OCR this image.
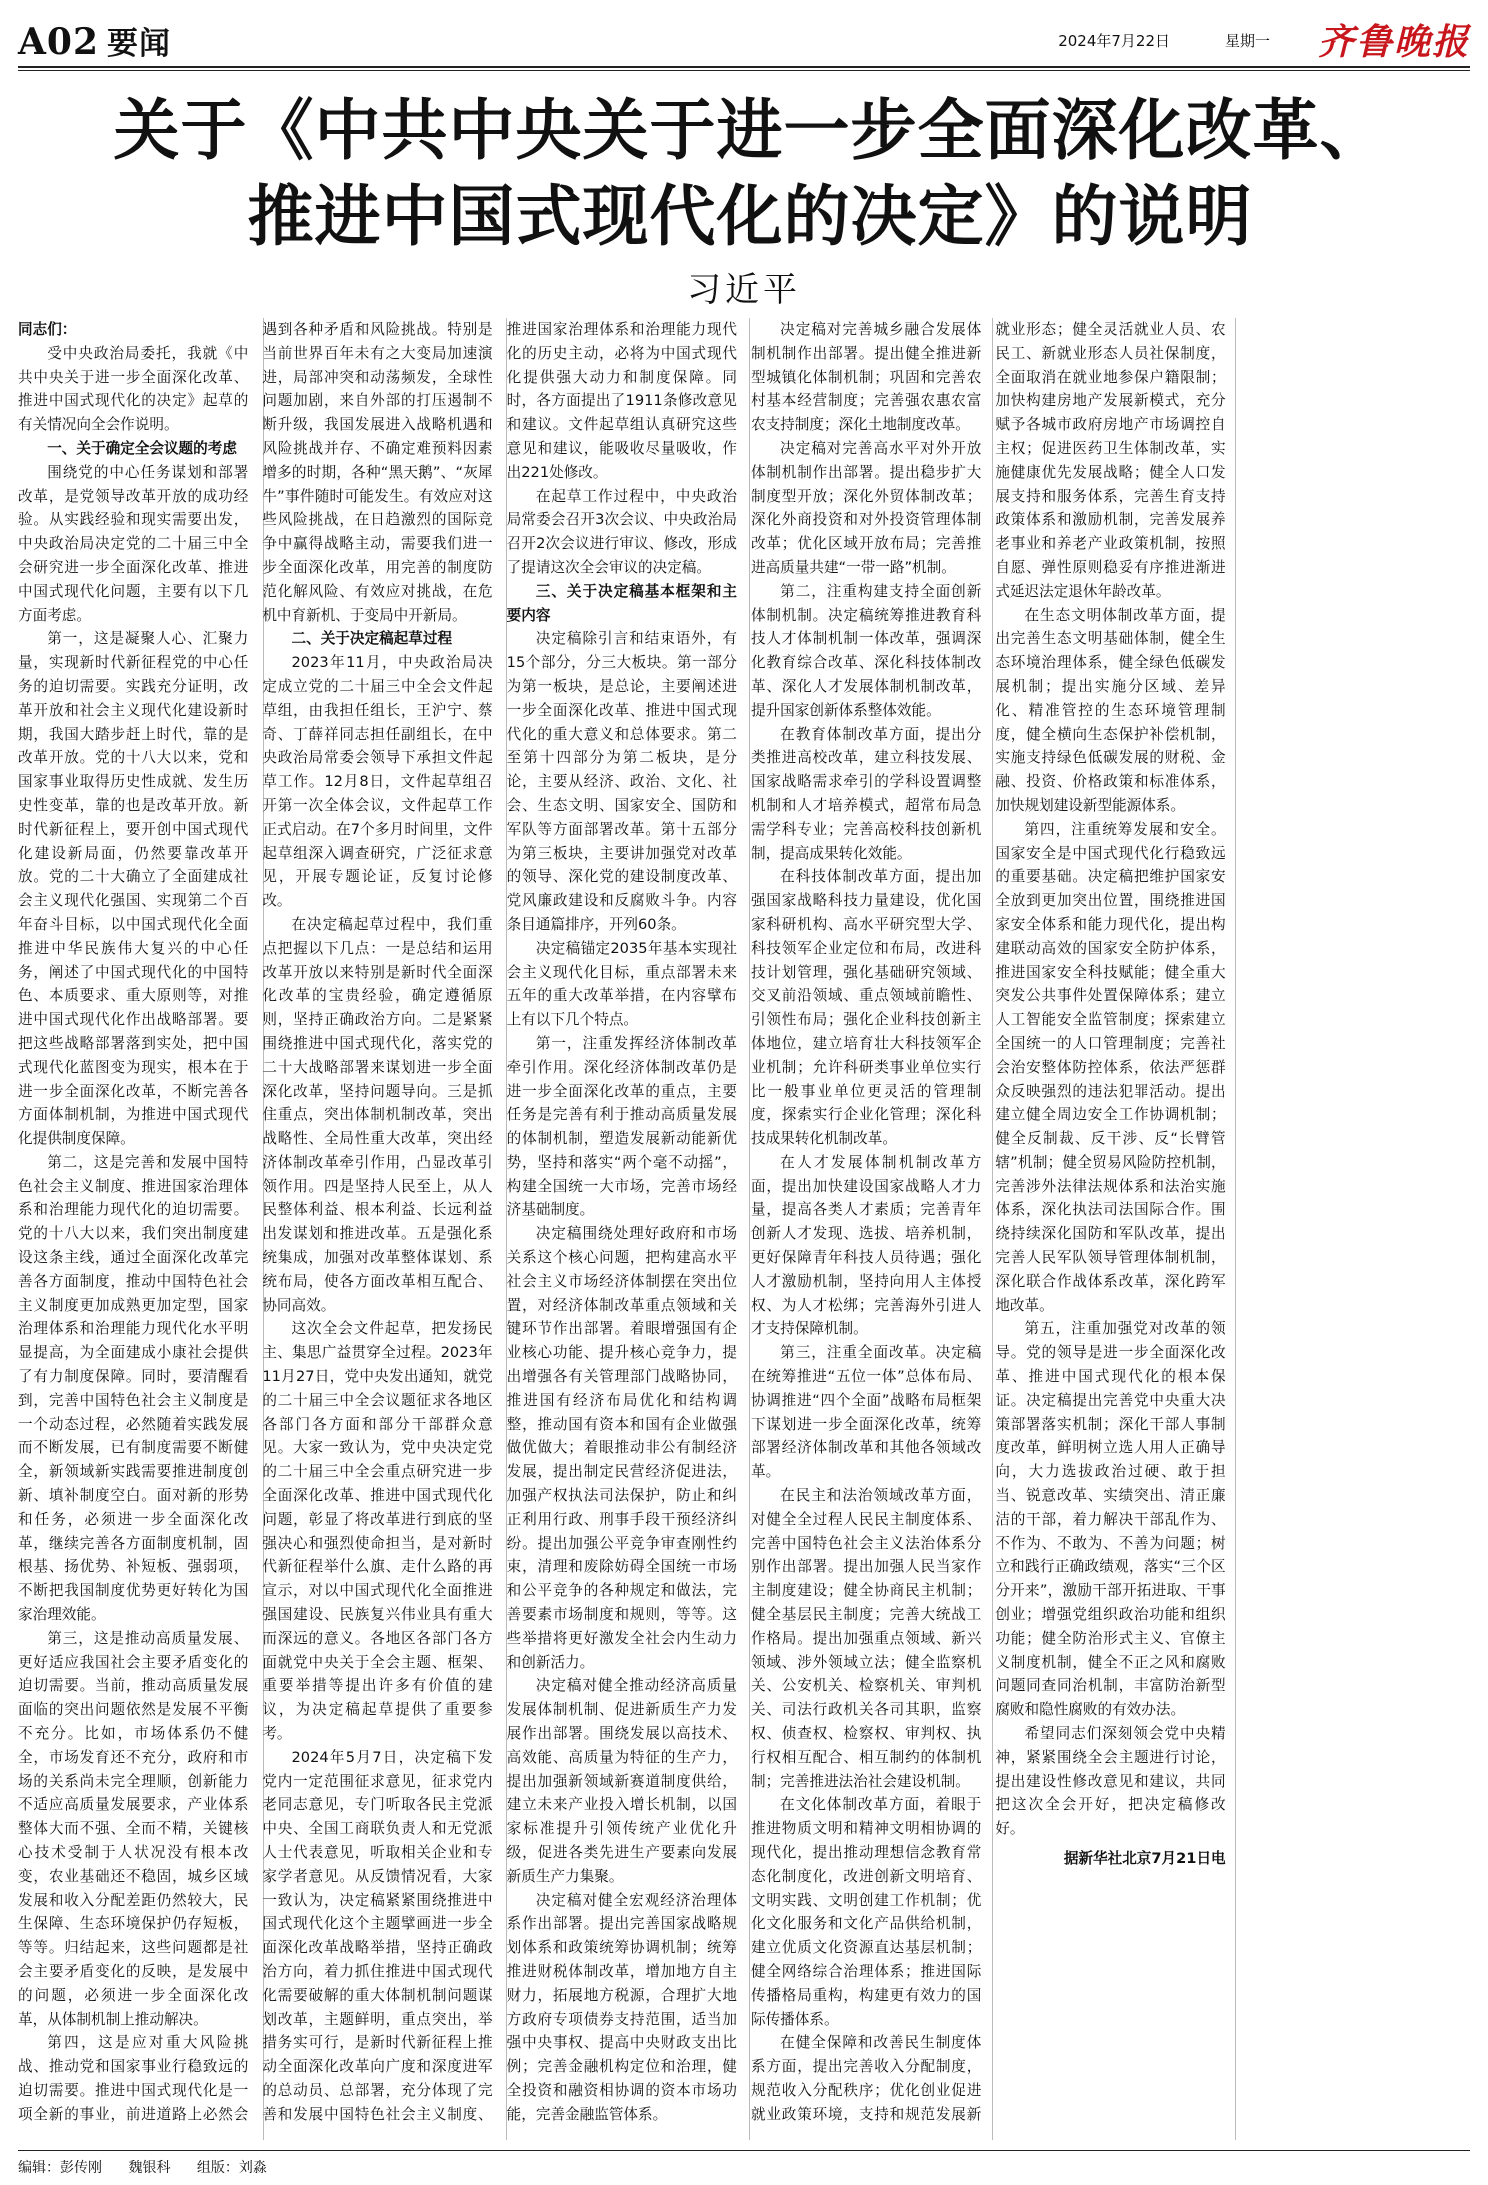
A02 要闻	2024年7月22日	星期一 齐鲁晚报
关于《中共中央关于进一步全面深化改革、
推进中国式现代化的决定》的说明
习近平

同志们：

受中央政治局委托，我就《中共中央关于进一步全面深化改革、推进中国式现代化的决定》起草的有关情况向全会作说明。

一、关于确定全会议题的考虑

围绕党的中心任务谋划和部署改革，是党领导改革开放的成功经验。从实践经验和现实需要出发，中央政治局决定党的二十届三中全会研究进一步全面深化改革、推进中国式现代化问题，主要有以下几方面考虑。

第一，这是凝聚人心、汇聚力量，实现新时代新征程党的中心任务的迫切需要。实践充分证明，改革开放和社会主义现代化建设新时期，我国大踏步赶上时代，靠的是改革开放。党的十八大以来，党和国家事业取得历史性成就、发生历史性变革，靠的也是改革开放。新时代新征程上，要开创中国式现代化建设新局面，仍然要靠改革开放。党的二十大确立了全面建成社会主义现代化强国、实现第二个百年奋斗目标，以中国式现代化全面推进中华民族伟大复兴的中心任务，阐述了中国式现代化的中国特色、本质要求、重大原则等，对推进中国式现代化作出战略部署。要把这些战略部署落到实处，把中国式现代化蓝图变为现实，根本在于进一步全面深化改革，不断完善各方面体制机制，为推进中国式现代化提供制度保障。

第二，这是完善和发展中国特色社会主义制度、推进国家治理体系和治理能力现代化的迫切需要。党的十八大以来，我们突出制度建设这条主线，通过全面深化改革完善各方面制度，推动中国特色社会主义制度更加成熟更加定型，国家治理体系和治理能力现代化水平明显提高，为全面建成小康社会提供了有力制度保障。同时，要清醒看到，完善中国特色社会主义制度是一个动态过程，必然随着实践发展而不断发展，已有制度需要不断健全，新领域新实践需要推进制度创新、填补制度空白。面对新的形势和任务，必须进一步全面深化改革，继续完善各方面制度机制，固根基、扬优势、补短板、强弱项，不断把我国制度优势更好转化为国家治理效能。

第三，这是推动高质量发展、更好适应我国社会主要矛盾变化的迫切需要。当前，推动高质量发展面临的突出问题依然是发展不平衡不充分。比如，市场体系仍不健全，市场发育还不充分，政府和市场的关系尚未完全理顺，创新能力不适应高质量发展要求，产业体系整体大而不强、全而不精，关键核心技术受制于人状况没有根本改变，农业基础还不稳固，城乡区域发展和收入分配差距仍然较大，民生保障、生态环境保护仍存短板，等等。归结起来，这些问题都是社会主要矛盾变化的反映，是发展中的问题，必须进一步全面深化改革，从体制机制上推动解决。

第四，这是应对重大风险挑战、推动党和国家事业行稳致远的迫切需要。推进中国式现代化是一项全新的事业，前进道路上必然会遇到各种矛盾和风险挑战。特别是当前世界百年未有之大变局加速演进，局部冲突和动荡频发，全球性问题加剧，来自外部的打压遏制不断升级，我国发展进入战略机遇和风险挑战并存、不确定难预料因素增多的时期，各种“黑天鹅”、“灰犀牛”事件随时可能发生。有效应对这些风险挑战，在日趋激烈的国际竞争中赢得战略主动，需要我们进一步全面深化改革，用完善的制度防范化解风险、有效应对挑战，在危机中育新机、于变局中开新局。

二、关于决定稿起草过程

2023年11月，中央政治局决定成立党的二十届三中全会文件起草组，由我担任组长，王沪宁、蔡奇、丁薛祥同志担任副组长，在中央政治局常委会领导下承担文件起草工作。12月8日，文件起草组召开第一次全体会议，文件起草工作正式启动。在7个多月时间里，文件起草组深入调查研究，广泛征求意见，开展专题论证，反复讨论修改。

在决定稿起草过程中，我们重点把握以下几点：一是总结和运用改革开放以来特别是新时代全面深化改革的宝贵经验，确定遵循原则，坚持正确政治方向。二是紧紧围绕推进中国式现代化，落实党的二十大战略部署来谋划进一步全面深化改革，坚持问题导向。三是抓住重点，突出体制机制改革，突出战略性、全局性重大改革，突出经济体制改革牵引作用，凸显改革引领作用。四是坚持人民至上，从人民整体利益、根本利益、长远利益出发谋划和推进改革。五是强化系统集成，加强对改革整体谋划、系统布局，使各方面改革相互配合、协同高效。

这次全会文件起草，把发扬民主、集思广益贯穿全过程。2023年11月27日，党中央发出通知，就党的二十届三中全会议题征求各地区各部门各方面和部分干部群众意见。大家一致认为，党中央决定党的二十届三中全会重点研究进一步全面深化改革、推进中国式现代化问题，彰显了将改革进行到底的坚强决心和强烈使命担当，是对新时代新征程举什么旗、走什么路的再宣示，对以中国式现代化全面推进强国建设、民族复兴伟业具有重大而深远的意义。各地区各部门各方面就党中央关于全会主题、框架、重要举措等提出许多有价值的建议，为决定稿起草提供了重要参考。

2024年5月7日，决定稿下发党内一定范围征求意见，征求党内老同志意见，专门听取各民主党派中央、全国工商联负责人和无党派人士代表意见，听取相关企业和专家学者意见。从反馈情况看，大家一致认为，决定稿紧紧围绕推进中国式现代化这个主题擘画进一步全面深化改革战略举措，坚持正确政治方向，着力抓住推进中国式现代化需要破解的重大体制机制问题谋划改革，主题鲜明，重点突出，举措务实可行，是新时代新征程上推动全面深化改革向广度和深度进军的总动员、总部署，充分体现了完善和发展中国特色社会主义制度、推进国家治理体系和治理能力现代化的历史主动，必将为中国式现代化提供强大动力和制度保障。同时，各方面提出了1911条修改意见和建议。文件起草组认真研究这些意见和建议，能吸收尽量吸收，作出221处修改。

在起草工作过程中，中央政治局常委会召开3次会议、中央政治局召开2次会议进行审议、修改，形成了提请这次全会审议的决定稿。

三、关于决定稿基本框架和主要内容

决定稿除引言和结束语外，有15个部分，分三大板块。第一部分为第一板块，是总论，主要阐述进一步全面深化改革、推进中国式现代化的重大意义和总体要求。第二至第十四部分为第二板块，是分论，主要从经济、政治、文化、社会、生态文明、国家安全、国防和军队等方面部署改革。第十五部分为第三板块，主要讲加强党对改革的领导、深化党的建设制度改革、党风廉政建设和反腐败斗争。内容条目通篇排序，开列60条。

决定稿锚定2035年基本实现社会主义现代化目标，重点部署未来五年的重大改革举措，在内容擘布上有以下几个特点。

第一，注重发挥经济体制改革牵引作用。深化经济体制改革仍是进一步全面深化改革的重点，主要任务是完善有利于推动高质量发展的体制机制，塑造发展新动能新优势，坚持和落实“两个毫不动摇”，构建全国统一大市场，完善市场经济基础制度。

决定稿围绕处理好政府和市场关系这个核心问题，把构建高水平社会主义市场经济体制摆在突出位置，对经济体制改革重点领域和关键环节作出部署。着眼增强国有企业核心功能、提升核心竞争力，提出增强各有关管理部门战略协同，推进国有经济布局优化和结构调整，推动国有资本和国有企业做强做优做大；着眼推动非公有制经济发展，提出制定民营经济促进法，加强产权执法司法保护，防止和纠正利用行政、刑事手段干预经济纠纷。提出加强公平竞争审查刚性约束，清理和废除妨碍全国统一市场和公平竞争的各种规定和做法，完善要素市场制度和规则，等等。这些举措将更好激发全社会内生动力和创新活力。

决定稿对健全推动经济高质量发展体制机制、促进新质生产力发展作出部署。围绕发展以高技术、高效能、高质量为特征的生产力，提出加强新领域新赛道制度供给，建立未来产业投入增长机制，以国家标准提升引领传统产业优化升级，促进各类先进生产要素向发展新质生产力集聚。

决定稿对健全宏观经济治理体系作出部署。提出完善国家战略规划体系和政策统筹协调机制；统筹推进财税体制改革，增加地方自主财力，拓展地方税源，合理扩大地方政府专项债券支持范围，适当加强中央事权、提高中央财政支出比例；完善金融机构定位和治理，健全投资和融资相协调的资本市场功能，完善金融监管体系。

决定稿对完善城乡融合发展体制机制作出部署。提出健全推进新型城镇化体制机制；巩固和完善农村基本经营制度；完善强农惠农富农支持制度；深化土地制度改革。

决定稿对完善高水平对外开放体制机制作出部署。提出稳步扩大制度型开放；深化外贸体制改革；深化外商投资和对外投资管理体制改革；优化区域开放布局；完善推进高质量共建“一带一路”机制。

第二，注重构建支持全面创新体制机制。决定稿统筹推进教育科技人才体制机制一体改革，强调深化教育综合改革、深化科技体制改革、深化人才发展体制机制改革，提升国家创新体系整体效能。

在教育体制改革方面，提出分类推进高校改革，建立科技发展、国家战略需求牵引的学科设置调整机制和人才培养模式，超常布局急需学科专业；完善高校科技创新机制，提高成果转化效能。

在科技体制改革方面，提出加强国家战略科技力量建设，优化国家科研机构、高水平研究型大学、科技领军企业定位和布局，改进科技计划管理，强化基础研究领域、交叉前沿领域、重点领域前瞻性、引领性布局；强化企业科技创新主体地位，建立培育壮大科技领军企业机制；允许科研类事业单位实行比一般事业单位更灵活的管理制度，探索实行企业化管理；深化科技成果转化机制改革。

在人才发展体制机制改革方面，提出加快建设国家战略人才力量，提高各类人才素质；完善青年创新人才发现、选拔、培养机制，更好保障青年科技人员待遇；强化人才激励机制，坚持向用人主体授权、为人才松绑；完善海外引进人才支持保障机制。

第三，注重全面改革。决定稿在统筹推进“五位一体”总体布局、协调推进“四个全面”战略布局框架下谋划进一步全面深化改革，统筹部署经济体制改革和其他各领域改革。

在民主和法治领域改革方面，对健全全过程人民民主制度体系、完善中国特色社会主义法治体系分别作出部署。提出加强人民当家作主制度建设；健全协商民主机制；健全基层民主制度；完善大统战工作格局。提出加强重点领域、新兴领域、涉外领域立法；健全监察机关、公安机关、检察机关、审判机关、司法行政机关各司其职，监察权、侦查权、检察权、审判权、执行权相互配合、相互制约的体制机制；完善推进法治社会建设机制。

在文化体制改革方面，着眼于推进物质文明和精神文明相协调的现代化，提出推动理想信念教育常态化制度化，改进创新文明培育、文明实践、文明创建工作机制；优化文化服务和文化产品供给机制，建立优质文化资源直达基层机制；健全网络综合治理体系；推进国际传播格局重构，构建更有效力的国际传播体系。

在健全保障和改善民生制度体系方面，提出完善收入分配制度，规范收入分配秩序；优化创业促进就业政策环境，支持和规范发展新就业形态；健全灵活就业人员、农民工、新就业形态人员社保制度，全面取消在就业地参保户籍限制；加快构建房地产发展新模式，充分赋予各城市政府房地产市场调控自主权；促进医药卫生体制改革，实施健康优先发展战略；健全人口发展支持和服务体系，完善生育支持政策体系和激励机制，完善发展养老事业和养老产业政策机制，按照自愿、弹性原则稳妥有序推进渐进式延迟法定退休年龄改革。

在生态文明体制改革方面，提出完善生态文明基础体制，健全生态环境治理体系，健全绿色低碳发展机制；提出实施分区域、差异化、精准管控的生态环境管理制度，健全横向生态保护补偿机制，实施支持绿色低碳发展的财税、金融、投资、价格政策和标准体系，加快规划建设新型能源体系。

第四，注重统筹发展和安全。国家安全是中国式现代化行稳致远的重要基础。决定稿把维护国家安全放到更加突出位置，围绕推进国家安全体系和能力现代化，提出构建联动高效的国家安全防护体系，推进国家安全科技赋能；健全重大突发公共事件处置保障体系；建立人工智能安全监管制度；探索建立全国统一的人口管理制度；完善社会治安整体防控体系，依法严惩群众反映强烈的违法犯罪活动。提出建立健全周边安全工作协调机制；健全反制裁、反干涉、反“长臂管辖”机制；健全贸易风险防控机制，完善涉外法律法规体系和法治实施体系，深化执法司法国际合作。围绕持续深化国防和军队改革，提出完善人民军队领导管理体制机制，深化联合作战体系改革，深化跨军地改革。

第五，注重加强党对改革的领导。党的领导是进一步全面深化改革、推进中国式现代化的根本保证。决定稿提出完善党中央重大决策部署落实机制；深化干部人事制度改革，鲜明树立选人用人正确导向，大力选拔政治过硬、敢于担当、锐意改革、实绩突出、清正廉洁的干部，着力解决干部乱作为、不作为、不敢为、不善为问题；树立和践行正确政绩观，落实“三个区分开来”，激励干部开拓进取、干事创业；增强党组织政治功能和组织功能；健全防治形式主义、官僚主义制度机制，健全不正之风和腐败问题同查同治机制，丰富防治新型腐败和隐性腐败的有效办法。

希望同志们深刻领会党中央精神，紧紧围绕全会主题进行讨论，提出建设性修改意见和建议，共同把这次全会开好，把决定稿修改好。

据新华社北京7月21日电

编辑：彭传刚 魏银科 组版：刘淼
